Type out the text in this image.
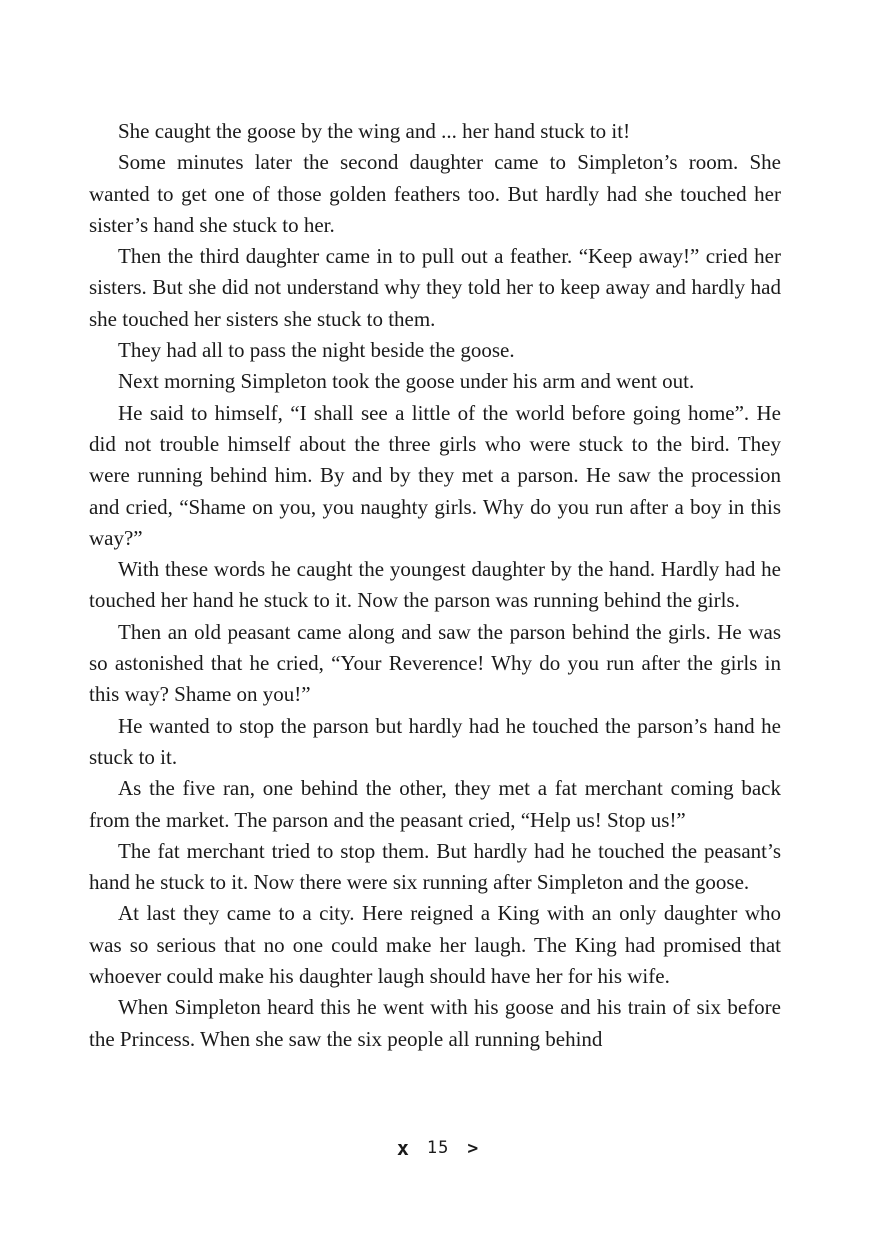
She caught the goose by the wing and ... her hand stuck to it!

Some minutes later the second daughter came to Simpleton’s room. She wanted to get one of those golden feathers too. But hardly had she touched her sister’s hand she stuck to her.

Then the third daughter came in to pull out a feather. “Keep away!” cried her sisters. But she did not understand why they told her to keep away and hardly had she touched her sisters she stuck to them.

They had all to pass the night beside the goose.

Next morning Simpleton took the goose under his arm and went out.

He said to himself, “I shall see a little of the world before going home”. He did not trouble himself about the three girls who were stuck to the bird. They were running behind him. By and by they met a parson. He saw the procession and cried, “Shame on you, you naughty girls. Why do you run after a boy in this way?”

With these words he caught the youngest daughter by the hand. Hardly had he touched her hand he stuck to it. Now the parson was running behind the girls.

Then an old peasant came along and saw the parson behind the girls. He was so astonished that he cried, “Your Reverence! Why do you run after the girls in this way? Shame on you!”

He wanted to stop the parson but hardly had he touched the parson’s hand he stuck to it.

As the five ran, one behind the other, they met a fat merchant coming back from the market. The parson and the peasant cried, “Help us! Stop us!”

The fat merchant tried to stop them. But hardly had he touched the peasant’s hand he stuck to it. Now there were six running after Simpleton and the goose.

At last they came to a city. Here reigned a King with an only daughter who was so serious that no one could make her laugh. The King had promised that whoever could make his daughter laugh should have her for his wife.

When Simpleton heard this he went with his goose and his train of six before the Princess. When she saw the six people all running behind

x 15 >
